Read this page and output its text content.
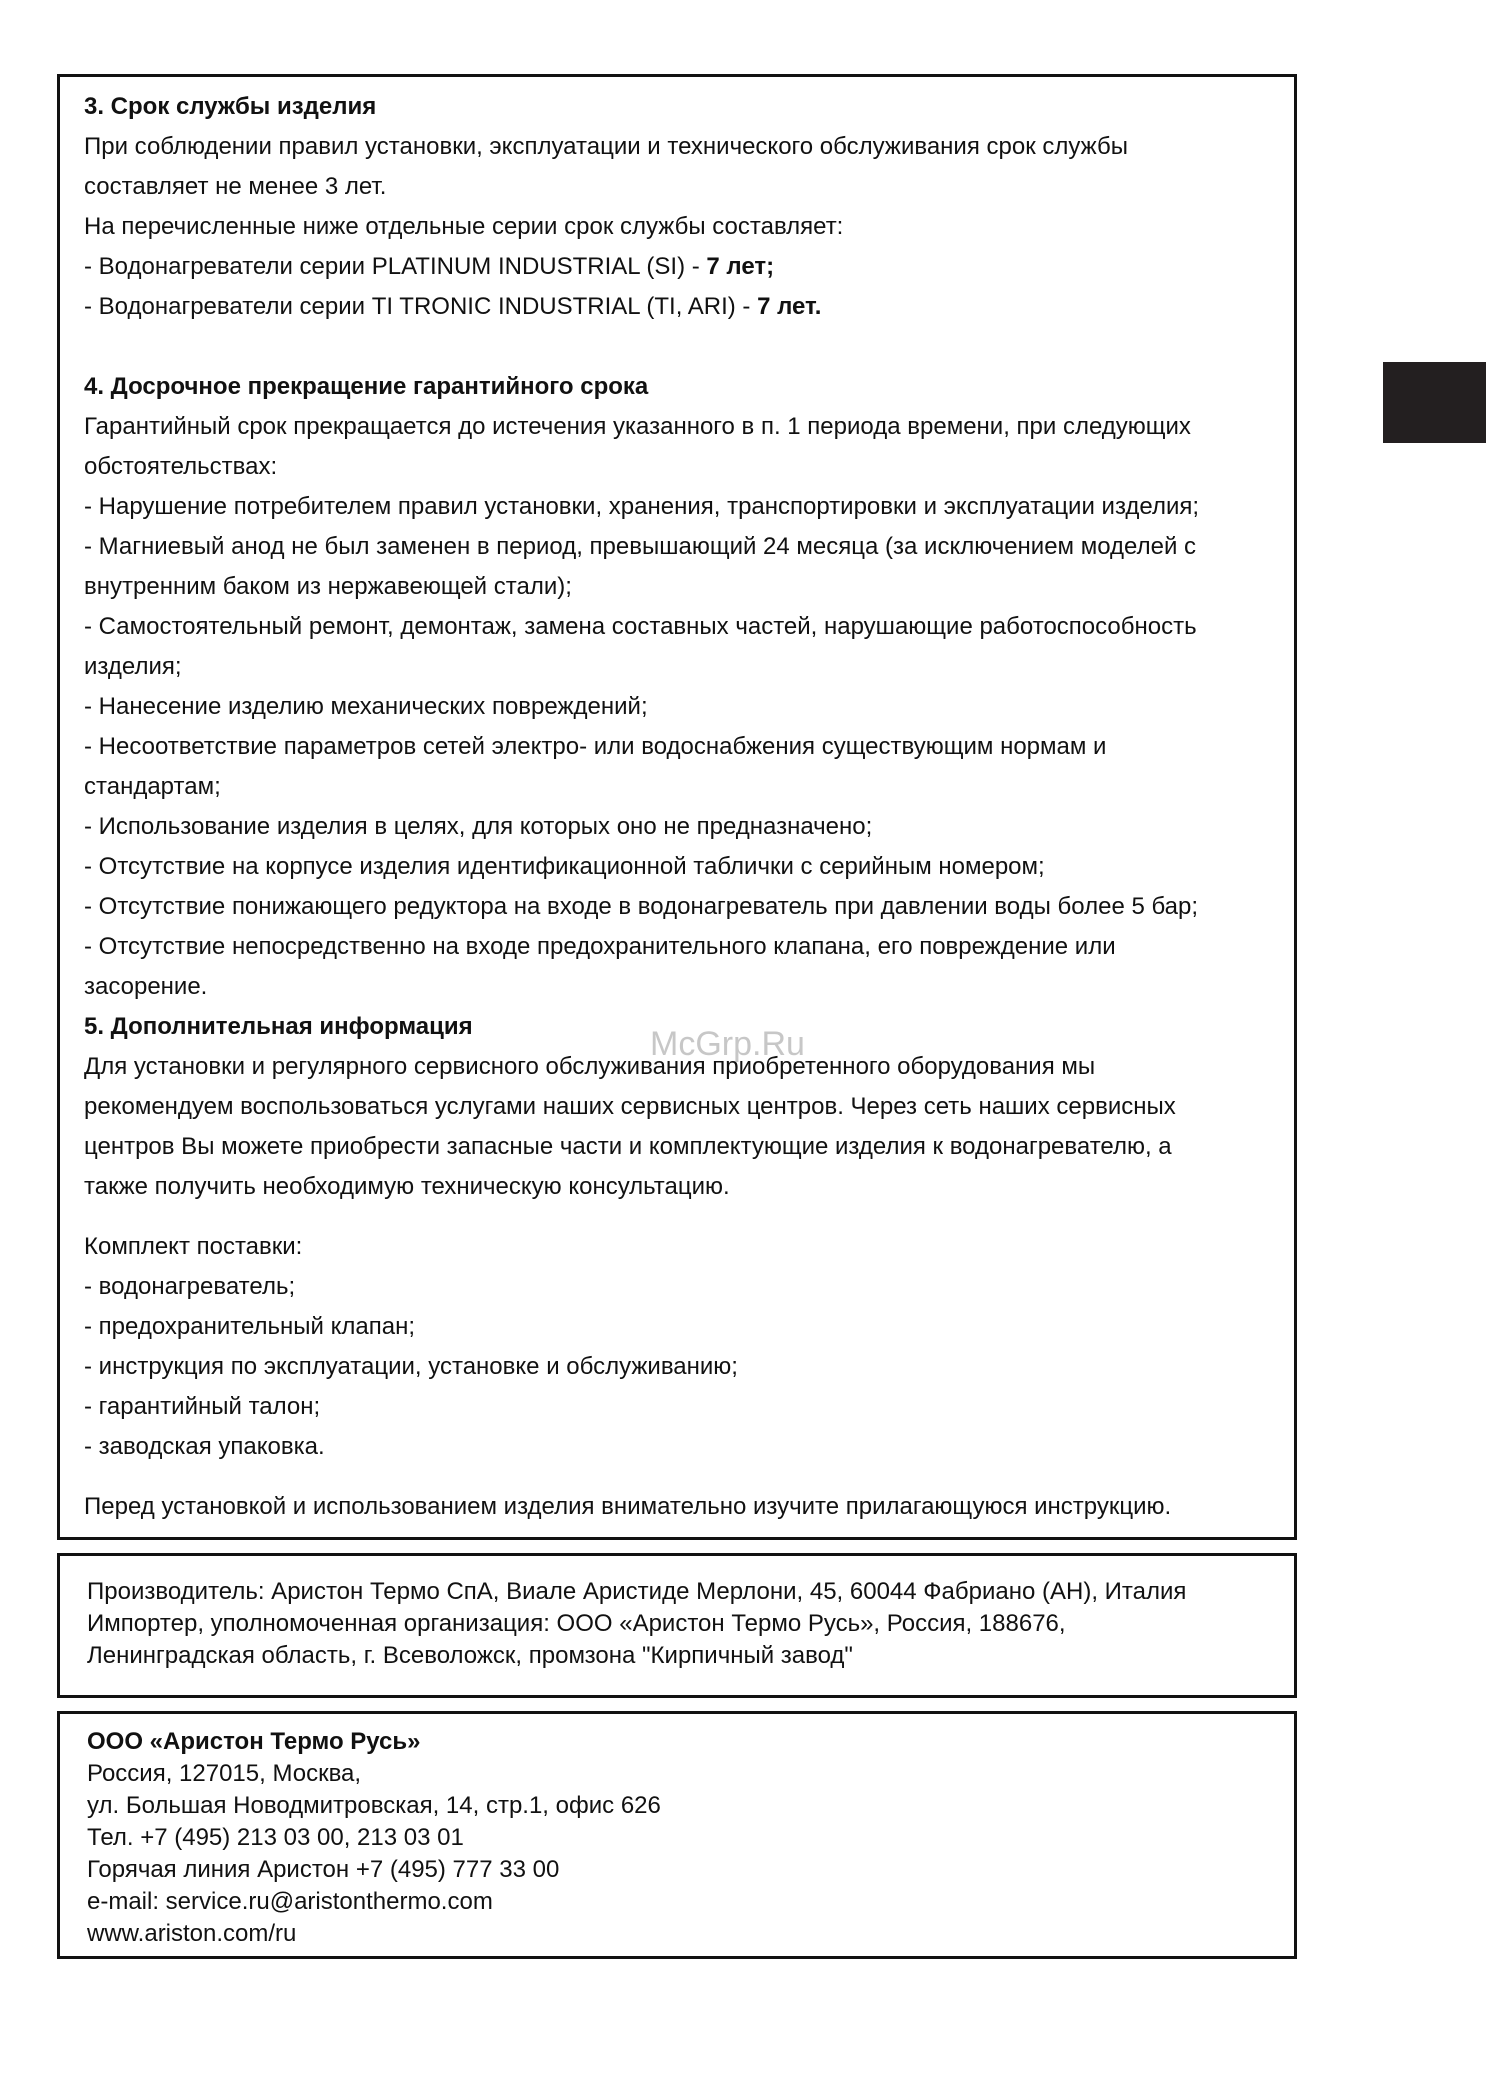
3. Срок службы изделия

При соблюдении правил установки, эксплуатации и технического обслуживания срок службы

составляет не менее 3 лет.

На перечисленные ниже отдельные серии срок службы составляет:

- Водонагреватели серии PLATINUM INDUSTRIAL (SI) - 7 лет;

- Водонагреватели серии TI TRONIC INDUSTRIAL (TI, ARI) - 7 лет.

4. Досрочное прекращение гарантийного срока

Гарантийный срок прекращается до истечения указанного в п. 1 периода времени, при следующих

обстоятельствах:

- Нарушение потребителем правил установки, хранения, транспортировки и эксплуатации изделия;

- Магниевый анод не был заменен в период, превышающий 24 месяца (за исключением моделей с

внутренним баком из нержавеющей стали);

- Самостоятельный ремонт, демонтаж, замена составных частей, нарушающие работоспособность

изделия;

- Нанесение изделию механических повреждений;

- Несоответствие параметров сетей электро- или водоснабжения существующим нормам и

стандартам;

- Использование изделия в целях, для которых оно не предназначено;

- Отсутствие на корпусе изделия идентификационной таблички с серийным номером;

- Отсутствие понижающего редуктора на входе в водонагреватель при давлении воды более 5 бар;

- Отсутствие непосредственно на входе предохранительного клапана, его повреждение или

засорение.

5. Дополнительная информация

Для установки и регулярного сервисного обслуживания приобретенного оборудования мы

рекомендуем воспользоваться услугами наших сервисных центров. Через сеть наших сервисных

центров Вы можете приобрести запасные части и комплектующие изделия к водонагревателю, а

также получить необходимую техническую консультацию.

Комплект поставки:

- водонагреватель;

- предохранительный клапан;

- инструкция по эксплуатации, установке и обслуживанию;

- гарантийный талон;

- заводская упаковка.

Перед установкой и использованием изделия внимательно изучите прилагающуюся инструкцию.

McGrp.Ru

Производитель: Аристон Термо СпА, Виале Аристиде Мерлони, 45, 60044 Фабриано (АН), Италия

Импортер, уполномоченная организация: ООО «Аристон Термо Русь», Россия, 188676,

Ленинградская область, г. Всеволожск, промзона "Кирпичный завод"

ООО «Аристон Термо Русь»

Россия, 127015, Москва,

ул. Большая Новодмитровская, 14, стр.1, офис 626

Тел. +7 (495) 213 03 00, 213 03 01

Горячая линия Аристон +7 (495) 777 33 00

e-mail: service.ru@aristonthermo.com

www.ariston.com/ru
